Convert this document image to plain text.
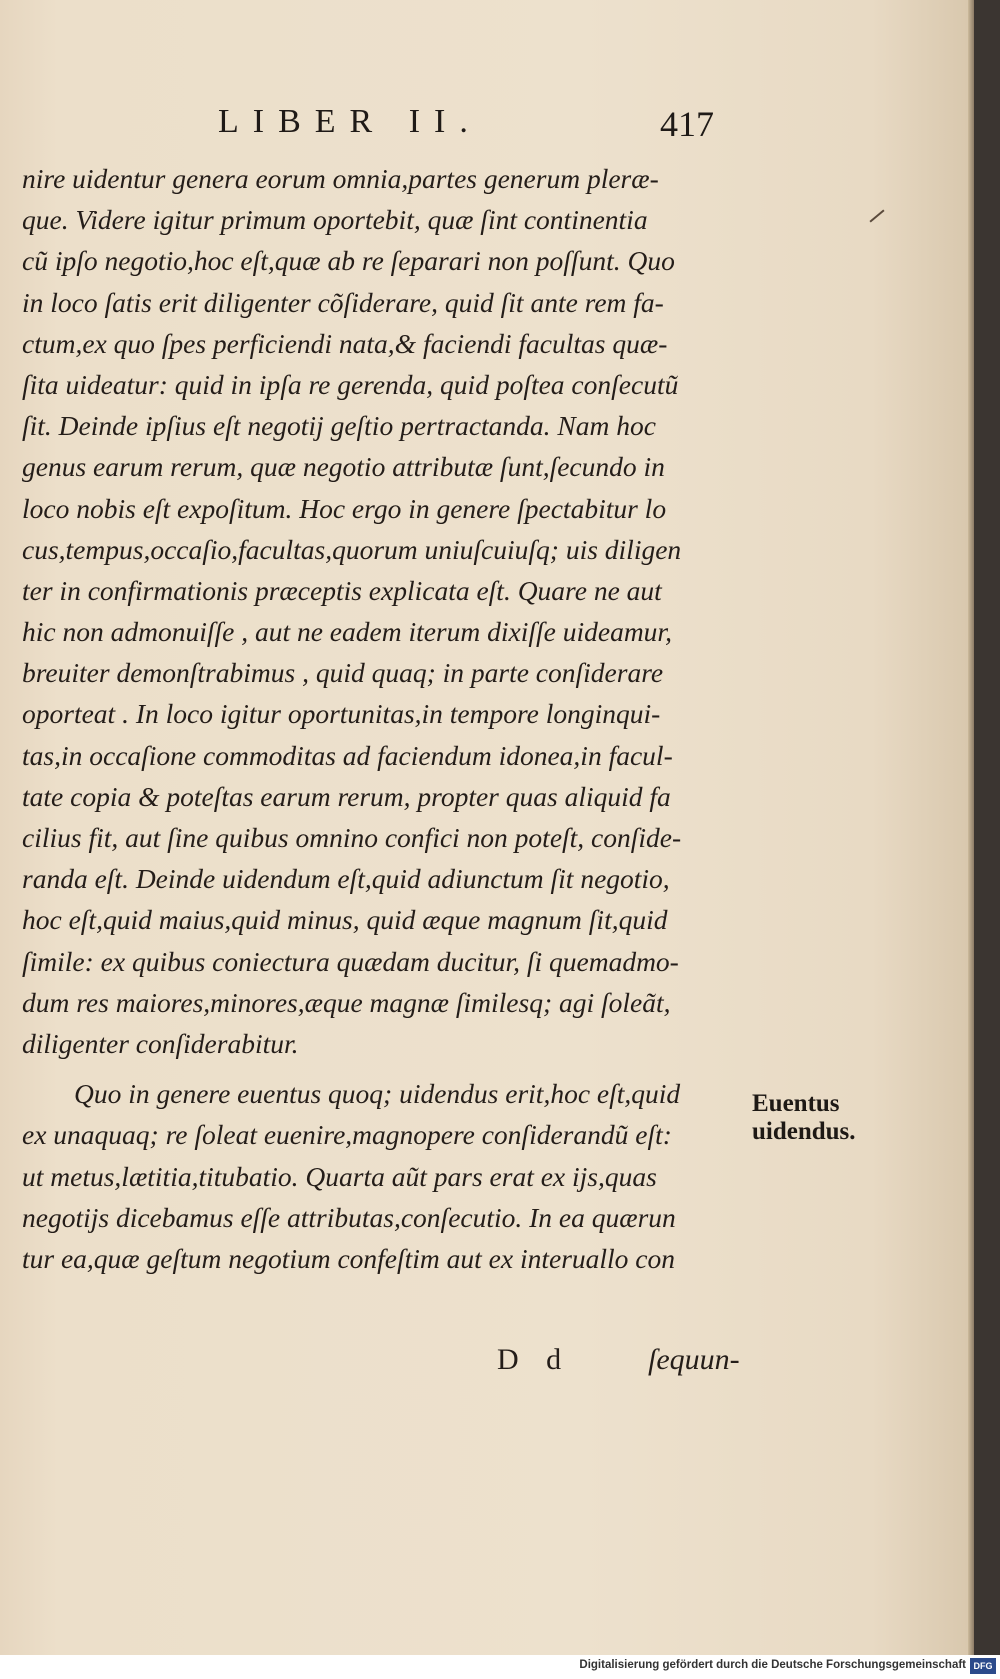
LIBER II.	417
nire uidentur genera eorum omnia,partes generum pleræ-
que. Videre igitur primum oportebit, quæ ſint continentia
cũ ipſo negotio,hoc eſt,quæ ab re ſeparari non poſſunt. Quo
in loco ſatis erit diligenter cõſiderare, quid ſit ante rem fa-
ctum,ex quo ſpes perficiendi nata,& faciendi facultas quæ-
ſita uideatur: quid in ipſa re gerenda, quid poſtea conſecutũ
ſit. Deinde ipſius eſt negotij geſtio pertractanda. Nam hoc
genus earum rerum, quæ negotio attributæ ſunt,ſecundo in
loco nobis eſt expoſitum. Hoc ergo in genere ſpectabitur lo
cus,tempus,occaſio,facultas,quorum uniuſcuiuſq; uis diligen
ter in confirmationis præceptis explicata eſt. Quare ne aut
hic non admonuiſſe , aut ne eadem iterum dixiſſe uideamur,
breuiter demonſtrabimus , quid quaq; in parte conſiderare
oporteat . In loco igitur oportunitas,in tempore longinqui-
tas,in occaſione commoditas ad faciendum idonea,in facul-
tate copia & poteſtas earum rerum, propter quas aliquid fa
cilius fit, aut ſine quibus omnino confici non poteſt, conſide-
randa eſt. Deinde uidendum eſt,quid adiunctum ſit negotio,
hoc eſt,quid maius,quid minus, quid æque magnum ſit,quid
ſimile: ex quibus coniectura quædam ducitur, ſi quemadmo-
dum res maiores,minores,æque magnæ ſimilesq; agi ſoleãt,
diligenter conſiderabitur.
Quo in genere euentus quoq; uidendus erit,hoc eſt,quid
ex unaquaq; re ſoleat euenire,magnopere conſiderandũ eſt:
ut metus,lætitia,titubatio. Quarta aũt pars erat ex ijs,quas
negotijs dicebamus eſſe attributas,conſecutio. In ea quærun
tur ea,quæ geſtum negotium confeſtim aut ex interuallo con
Euentus
uidendus.
D d	ſequun-
Digitalisierung gefördert durch die Deutsche Forschungsgemeinschaft DFG
